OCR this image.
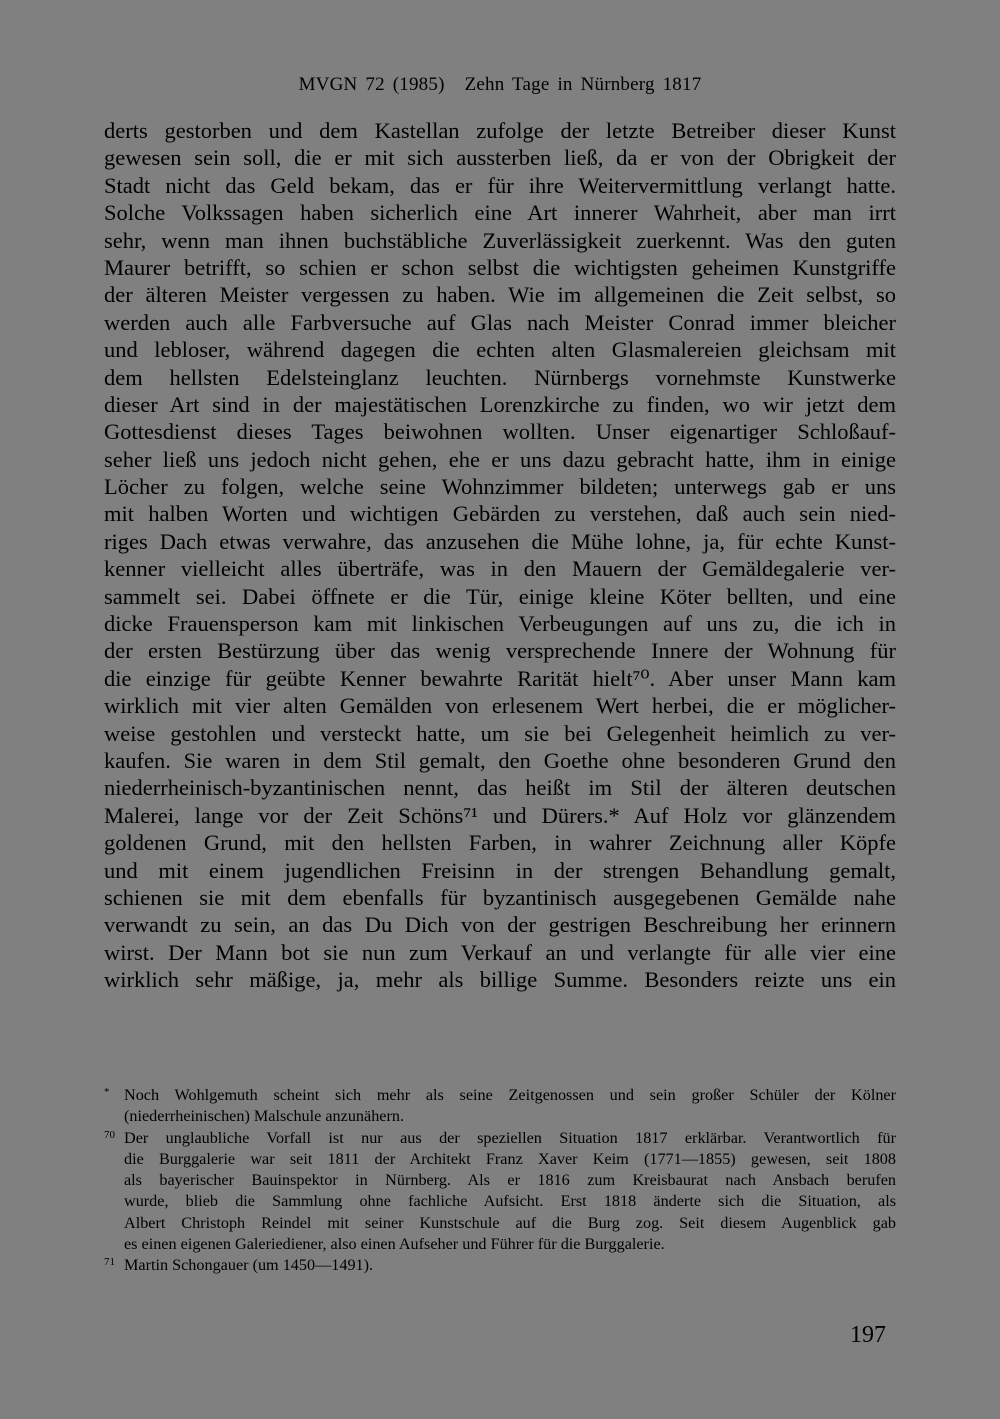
MVGN 72 (1985) Zehn Tage in Nürnberg 1817
derts gestorben und dem Kastellan zufolge der letzte Betreiber dieser Kunst
gewesen sein soll, die er mit sich aussterben ließ, da er von der Obrigkeit der
Stadt nicht das Geld bekam, das er für ihre Weitervermittlung verlangt hatte.
Solche Volkssagen haben sicherlich eine Art innerer Wahrheit, aber man irrt
sehr, wenn man ihnen buchstäbliche Zuverlässigkeit zuerkennt. Was den guten
Maurer betrifft, so schien er schon selbst die wichtigsten geheimen Kunstgriffe
der älteren Meister vergessen zu haben. Wie im allgemeinen die Zeit selbst, so
werden auch alle Farbversuche auf Glas nach Meister Conrad immer bleicher
und lebloser, während dagegen die echten alten Glasmalereien gleichsam mit
dem hellsten Edelsteinglanz leuchten. Nürnbergs vornehmste Kunstwerke
dieser Art sind in der majestätischen Lorenzkirche zu finden, wo wir jetzt dem
Gottesdienst dieses Tages beiwohnen wollten. Unser eigenartiger Schloßauf-
seher ließ uns jedoch nicht gehen, ehe er uns dazu gebracht hatte, ihm in einige
Löcher zu folgen, welche seine Wohnzimmer bildeten; unterwegs gab er uns
mit halben Worten und wichtigen Gebärden zu verstehen, daß auch sein nied-
riges Dach etwas verwahre, das anzusehen die Mühe lohne, ja, für echte Kunst-
kenner vielleicht alles überträfe, was in den Mauern der Gemäldegalerie ver-
sammelt sei. Dabei öffnete er die Tür, einige kleine Köter bellten, und eine
dicke Frauensperson kam mit linkischen Verbeugungen auf uns zu, die ich in
der ersten Bestürzung über das wenig versprechende Innere der Wohnung für
die einzige für geübte Kenner bewahrte Rarität hielt⁷⁰. Aber unser Mann kam
wirklich mit vier alten Gemälden von erlesenem Wert herbei, die er möglicher-
weise gestohlen und versteckt hatte, um sie bei Gelegenheit heimlich zu ver-
kaufen. Sie waren in dem Stil gemalt, den Goethe ohne besonderen Grund den
niederrheinisch-byzantinischen nennt, das heißt im Stil der älteren deutschen
Malerei, lange vor der Zeit Schöns⁷¹ und Dürers.* Auf Holz vor glänzendem
goldenen Grund, mit den hellsten Farben, in wahrer Zeichnung aller Köpfe
und mit einem jugendlichen Freisinn in der strengen Behandlung gemalt,
schienen sie mit dem ebenfalls für byzantinisch ausgegebenen Gemälde nahe
verwandt zu sein, an das Du Dich von der gestrigen Beschreibung her erinnern
wirst. Der Mann bot sie nun zum Verkauf an und verlangte für alle vier eine
wirklich sehr mäßige, ja, mehr als billige Summe. Besonders reizte uns ein
* Noch Wohlgemuth scheint sich mehr als seine Zeitgenossen und sein großer Schüler der Kölner
(niederrheinischen) Malschule anzunähern.
70 Der unglaubliche Vorfall ist nur aus der speziellen Situation 1817 erklärbar. Verantwortlich für
die Burggalerie war seit 1811 der Architekt Franz Xaver Keim (1771—1855) gewesen, seit 1808
als bayerischer Bauinspektor in Nürnberg. Als er 1816 zum Kreisbaurat nach Ansbach berufen
wurde, blieb die Sammlung ohne fachliche Aufsicht. Erst 1818 änderte sich die Situation, als
Albert Christoph Reindel mit seiner Kunstschule auf die Burg zog. Seit diesem Augenblick gab
es einen eigenen Galeriediener, also einen Aufseher und Führer für die Burggalerie.
71 Martin Schongauer (um 1450—1491).
197
